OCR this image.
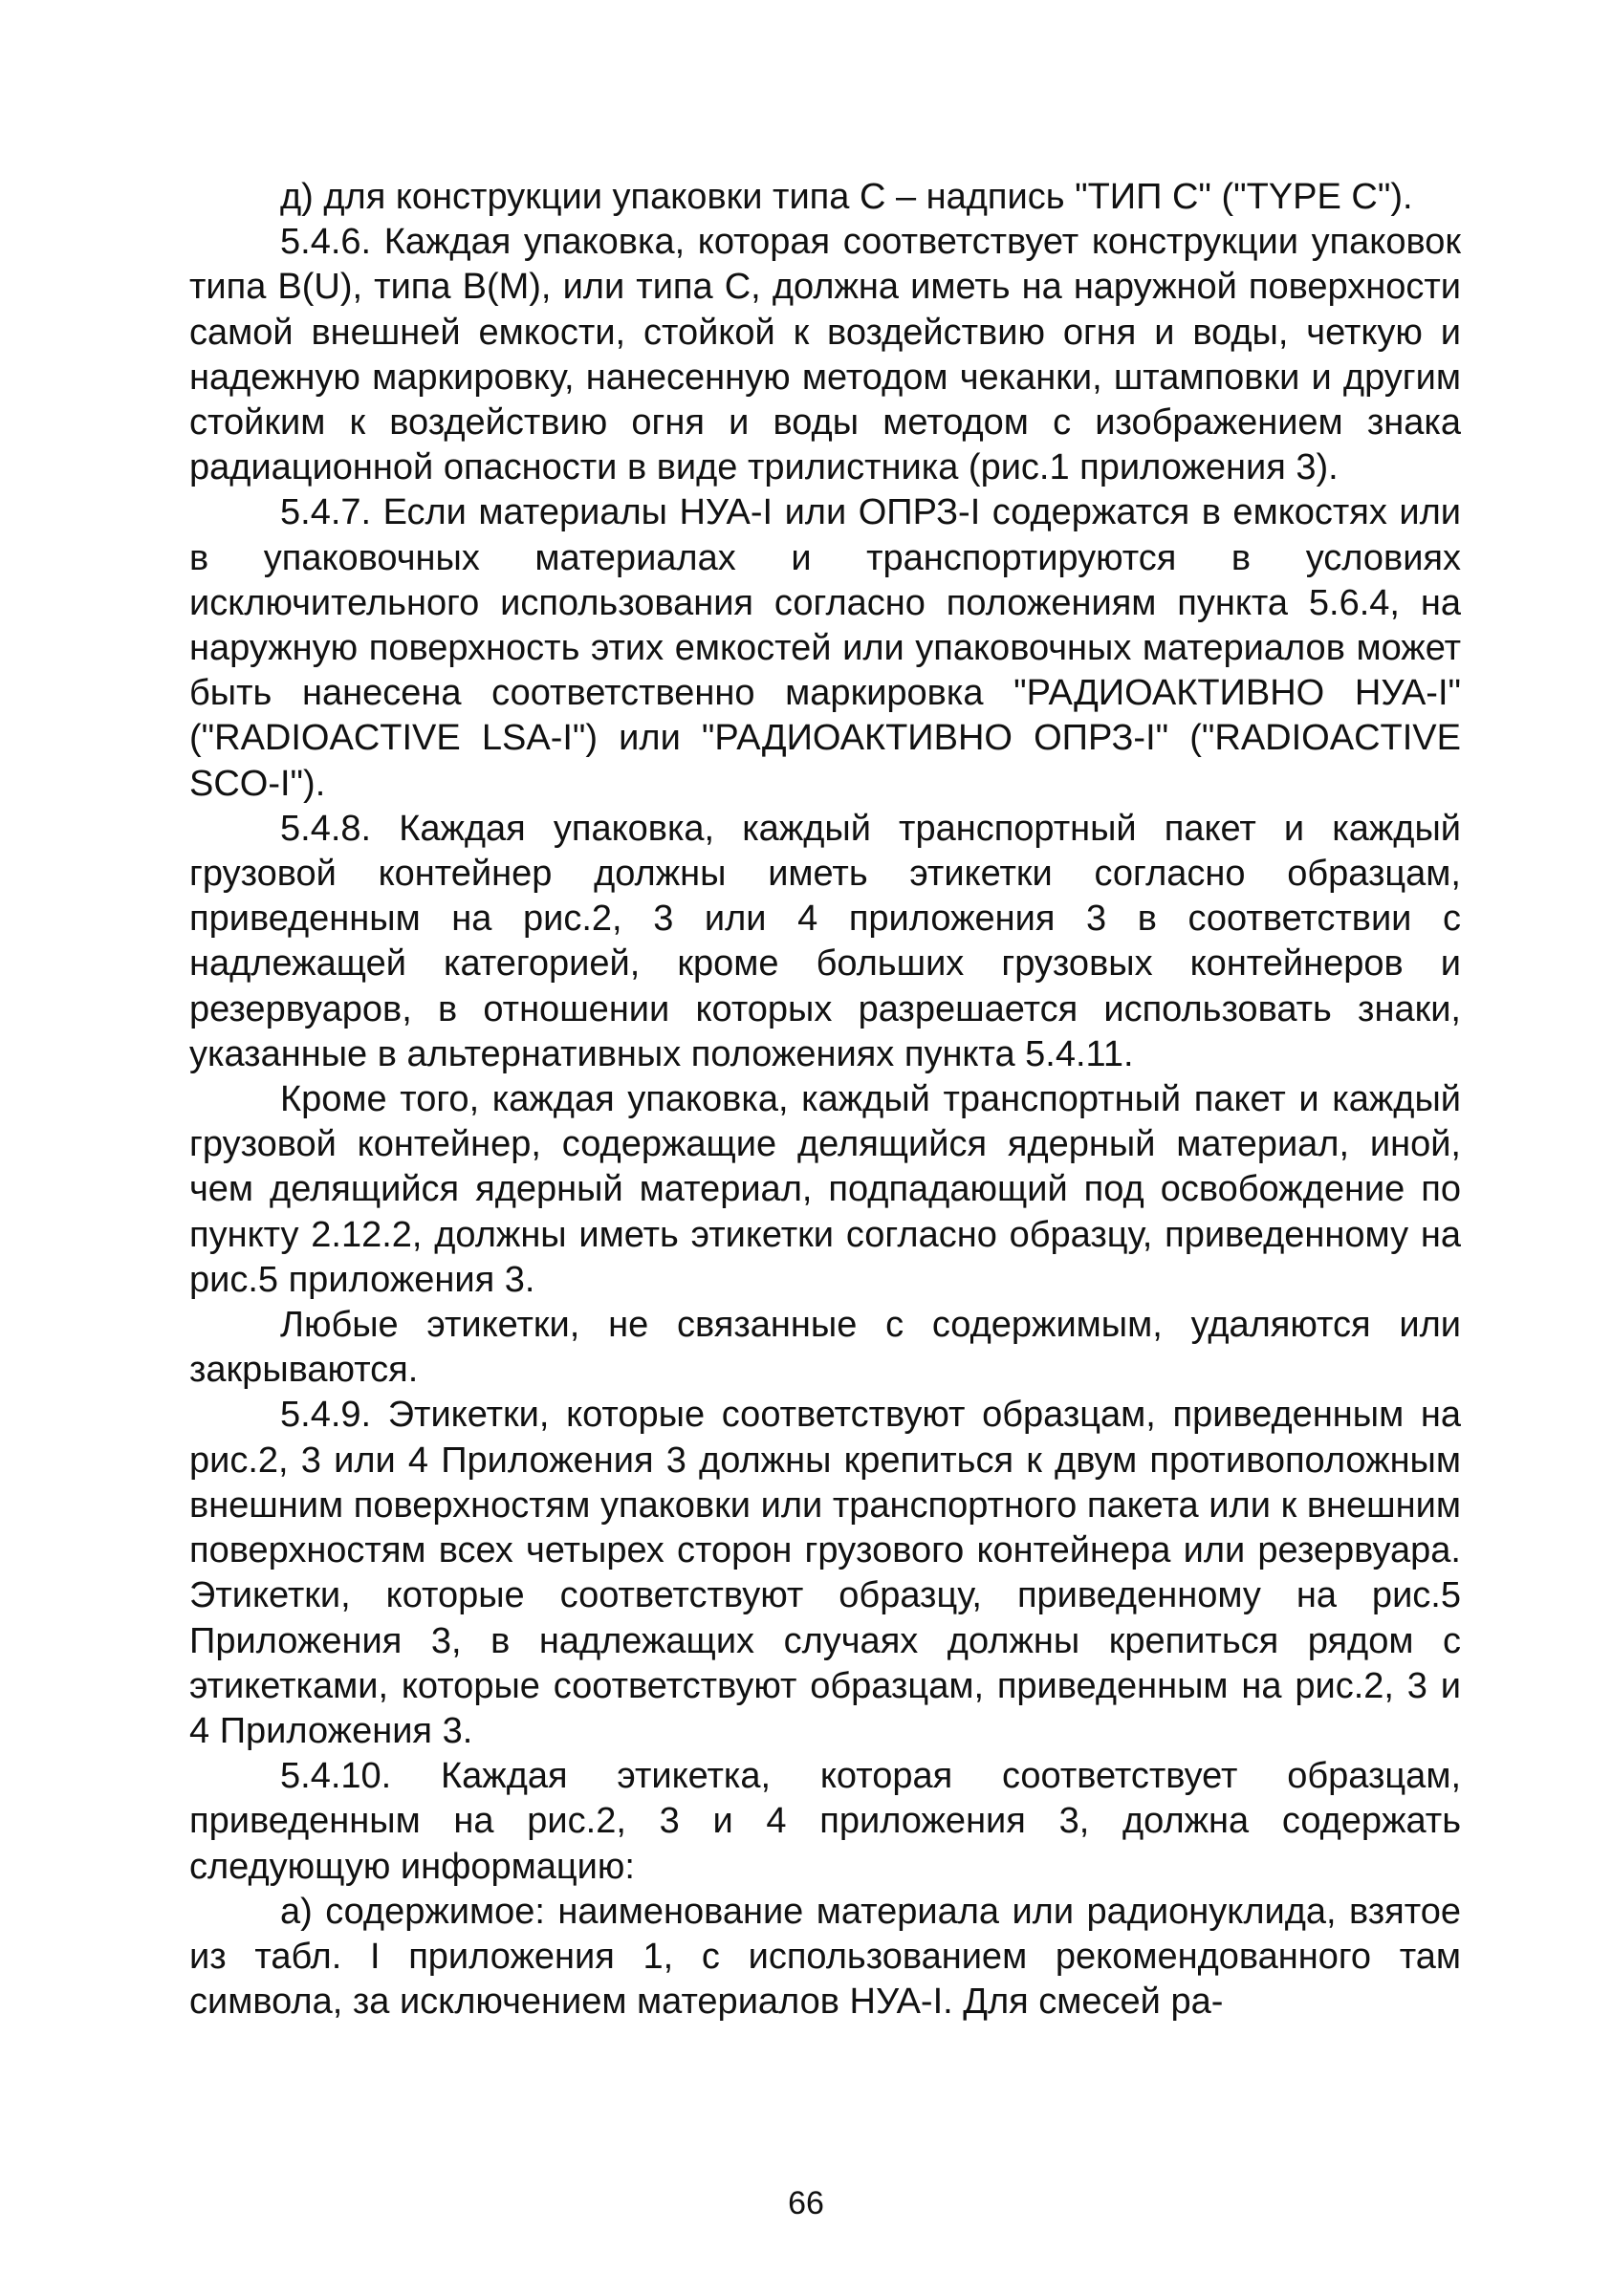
д) для конструкции упаковки типа С – надпись "ТИП С" ("TYPE C").

5.4.6. Каждая упаковка, которая соответствует конструкции упаковок типа B(U), типа В(М), или типа С, должна иметь на наружной поверхности самой внешней емкости, стойкой к воздействию огня и воды, четкую и надежную маркировку, нанесенную методом чеканки, штамповки и другим стойким к воздействию огня и воды методом с изображением знака радиационной опасности в виде трилистника (рис.1 приложения 3).

5.4.7. Если материалы НУА-I или ОПРЗ-I содержатся в емкостях или в упаковочных материалах и транспортируются в условиях исключительного использования согласно положениям пункта 5.6.4, на наружную поверхность этих емкостей или упаковочных материалов может быть нанесена соответственно маркировка "РАДИОАКТИВНО НУА-I" ("RADIOACTIVE LSA-I") или "РАДИОАКТИВНО ОПРЗ-I" ("RADIOACTIVE SCO-I").

5.4.8. Каждая упаковка, каждый транспортный пакет и каждый грузовой контейнер должны иметь этикетки согласно образцам, приведенным на рис.2, 3 или 4 приложения 3 в соответствии с надлежащей категорией, кроме больших грузовых контейнеров и резервуаров, в отношении которых разрешается использовать знаки, указанные в альтернативных положениях пункта 5.4.11.

Кроме того, каждая упаковка, каждый транспортный пакет и каждый грузовой контейнер, содержащие делящийся ядерный материал, иной, чем делящийся ядерный материал, подпадающий под освобождение по пункту 2.12.2, должны иметь этикетки согласно образцу, приведенному на рис.5 приложения 3.

Любые этикетки, не связанные с содержимым, удаляются или закрываются.

5.4.9. Этикетки, которые соответствуют образцам, приведенным на рис.2, 3 или 4 Приложения 3 должны крепиться к двум противоположным внешним поверхностям упаковки или транспортного пакета или к внешним поверхностям всех четырех сторон грузового контейнера или резервуара. Этикетки, которые соответствуют образцу, приведенному на рис.5 Приложения 3, в надлежащих случаях должны крепиться рядом с этикетками, которые соответствуют образцам, приведенным на рис.2, 3 и 4 Приложения 3.

5.4.10. Каждая этикетка, которая соответствует образцам, приведенным на рис.2, 3 и 4 приложения 3, должна содержать следующую информацию:

а) содержимое: наименование материала или радионуклида, взятое из табл. I приложения 1, с использованием рекомендованного там символа, за исключением материалов НУА-I. Для смесей ра-

66
